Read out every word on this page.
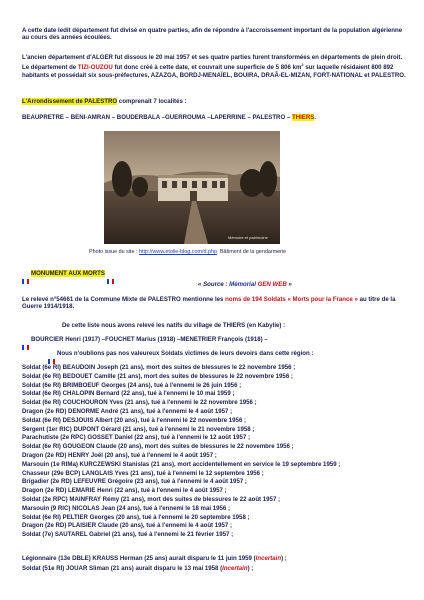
A cette date ledit département fut divisé en quatre parties, afin de répondre à l'accroissement important de la population algérienne au cours des années écoulées.

L'ancien département d'ALGER fut dissous le 20 mai 1957 et ses quatre parties furent transformées en départements de plein droit. Le département de TIZI-OUZOU fut donc créé à cette date, et couvrait une superficie de 5 806 $km^2$ sur laquelle résidaient 800 892 habitants et possédait six sous-préfectures, AZAZGA, BORDJ-MENAÏEL, BOUIRA, DRAÂ-EL-MIZAN, FORT-NATIONAL et PALESTRO.

L'Arrondissement de PALESTRO comprenait 7 localités :

BEAUPRETRE – BENI-AMRAN – BOUDERBALA –GUERROUMA –LAPERRINE – PALESTRO – THIERS.

Mémoire et patrimoine

Photo issue du site : http://www.etoile-blog.com/d.php Bâtiment de la gendarmerie

MONUMENT AUX MORTS

« Source : Mémorial GEN WEB »

Le relevé n°54661 de la Commune Mixte de PALESTRO mentionne les noms de 194 Soldats « Morts pour la France » au titre de la Guerre 1914/1918.

De cette liste nous avons relevé les natifs du village de THIERS (en Kabylie) :

BOURCIER Henri (1917) –FOUCHET Marius (1918) –MENETRIER François (1918) –
Nous n'oublions pas nos valeureux Soldats victimes de leurs devoirs dans cette région :

Soldat (6e RI) BEAUDOIN Joseph (21 ans), mort des suites de blessures le 22 novembre 1956 ;

Soldat (6e RI) BEDOUET Camille (21 ans), mort des suites de blessures le 22 novembre 1956 ;

Soldat (6e RI) BRIMBOEUF Georges (24 ans), tué à l'ennemi le 26 juin 1956 ;

Soldat (6e RI) CHALOPIN Bernard (22 ans), tué à l'ennemi le 10 mai 1959 ;

Soldat (6e RI) COUCHOURON Yves (21 ans), tué à l'ennemi le 22 novembre 1956 ;

Dragon (2e RD) DENORME André (21 ans), tué à l'ennemi le 4 août 1957 ;

Soldat (6e RI) DESJOUIS Albert (20 ans), tué à l'ennemi le 22 novembre 1956 ;

Sergent (1er RIC) DUPONT Gérard (21 ans), tué à l'ennemi le 21 novembre 1958 ;

Parachutiste (2e RPC) GOSSET Daniel (22 ans), tué à l'ennemi le 12 août 1957 ;

Soldat (6e RI) GOUGEON Claude (20 ans), mort des suites de blessures le 22 novembre 1956 ;

Dragon (2e RD) HENRY Joël (20 ans), tué à l'ennemi le 4 août 1957 ;

Marsouin (1e RIMa) KURCZEWSKI Stanislas (21 ans), mort accidentellement en service le 19 septembre 1959 ;

Chasseur (29e BCP) LANGLAIS Yves (21 ans), tué à l'ennemi le 12 septembre 1956 ;

Brigadier (2e RD) LEFEUVRE Grégoire (23 ans), tué à l'ennemi le 4 août 1957 ;

Dragon (2e RD) LEMARIE Henri (22 ans), tué à l'ennemi le 4 août 1957 ;

Soldat (2e RPC) MAINFRAY Rémy (21 ans), mort des suites de blessures le 22 août 1957 ;

Marsouin (9 RIC) NICOLAS Jean (24 ans), tué à l'ennemi le 18 mai 1956 ;

Soldat (6e RI) PELTIER Georges (20 ans), tué à l'ennemi le 20 septembre 1958 ;

Dragon (2e RD) PLAISIER Claude (20 ans), tué à l'ennemi le 4 août 1957 ;

Soldat (7e) SAUTAREL Gabriel (21 ans), tué à l'ennemi le 21 février 1957 ;

Légionnaire (13e DBLE) KRAUSS Herman (25 ans) aurait disparu le 11 juin 1959 (Incertain) ;

Soldat (51e RI) JOUAR Sliman (21 ans) aurait disparu le 13 mai 1958 (Incertain) ;
